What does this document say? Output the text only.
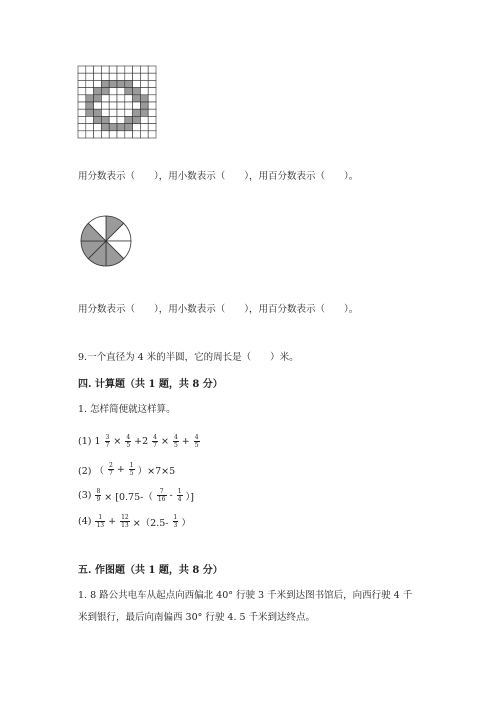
用分数表示（　　），用小数表示（　　），用百分数表示（　　）。
用分数表示（　　），用小数表示（　　），用百分数表示（　　）。
9.一个直径为 4 米的半圆，它的周长是（　　）米。
四. 计算题（共 1 题，共 8 分）
1. 怎样简便就这样算。
(1) $1 \frac{3}{7} \times \frac{4}{5} +2 \frac{4}{7} \times \frac{4}{5} + \frac{4}{5}$
(2) （ $\frac{2}{7} + \frac{1}{5} )\times 7\times 5$
$(3) \frac{8}{9} \times [0.75-( \frac{7}{16} - \frac{1}{4}$ ）]
$(4) \frac{1}{13} + \frac{12}{13} \times(2.5- \frac{1}{3}$ ）
五. 作图题（共 1 题，共 8 分）
1. 8 路公共电车从起点向西偏北 40° 行驶 3 千米到达图书馆后，向西行驶 4 千
米到银行，最后向南偏西 30° 行驶 4. 5 千米到达终点。
